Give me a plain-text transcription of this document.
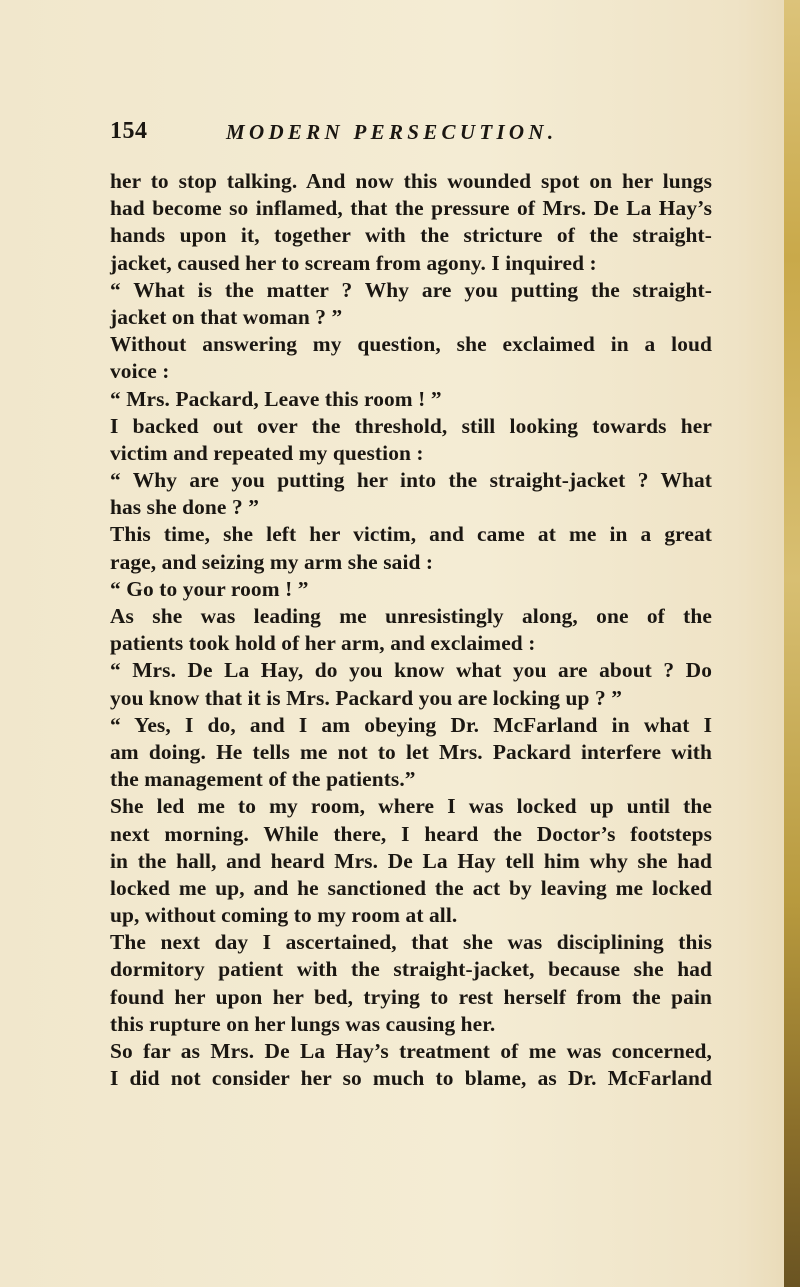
154	MODERN PERSECUTION.
her to stop talking. And now this wounded spot on her lungs
had become so inflamed, that the pressure of Mrs. De La Hay’s
hands upon it, together with the stricture of the straight-
jacket, caused her to scream from agony. I inquired :
“ What is the matter ? Why are you putting the straight-
jacket on that woman ? ”
Without answering my question, she exclaimed in a loud
voice :
“ Mrs. Packard, Leave this room ! ”
I backed out over the threshold, still looking towards her
victim and repeated my question :
“ Why are you putting her into the straight-jacket ? What
has she done ? ”
This time, she left her victim, and came at me in a great
rage, and seizing my arm she said :
“ Go to your room ! ”
As she was leading me unresistingly along, one of the
patients took hold of her arm, and exclaimed :
“ Mrs. De La Hay, do you know what you are about ? Do
you know that it is Mrs. Packard you are locking up ? ”
“ Yes, I do, and I am obeying Dr. McFarland in what I
am doing. He tells me not to let Mrs. Packard interfere with
the management of the patients.”
She led me to my room, where I was locked up until the
next morning. While there, I heard the Doctor’s footsteps
in the hall, and heard Mrs. De La Hay tell him why she had
locked me up, and he sanctioned the act by leaving me locked
up, without coming to my room at all.
The next day I ascertained, that she was disciplining this
dormitory patient with the straight-jacket, because she had
found her upon her bed, trying to rest herself from the pain
this rupture on her lungs was causing her.
So far as Mrs. De La Hay’s treatment of me was concerned,
I did not consider her so much to blame, as Dr. McFarland
